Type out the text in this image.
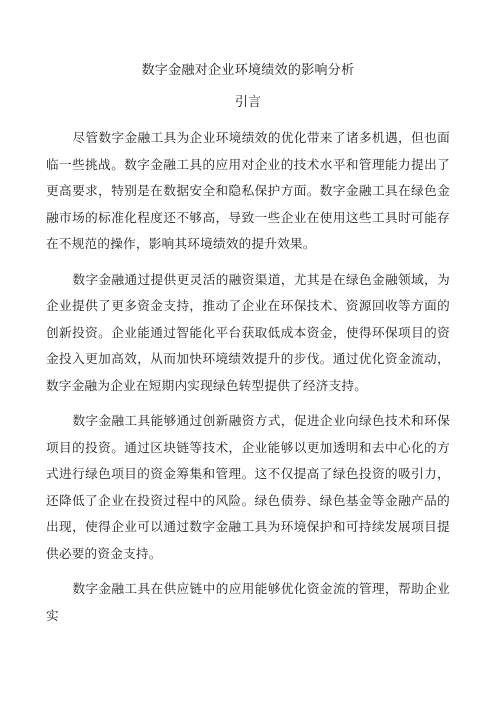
数字金融对企业环境绩效的影响分析
引言

尽管数字金融工具为企业环境绩效的优化带来了诸多机遇，但也面临一些挑战。数字金融工具的应用对企业的技术水平和管理能力提出了更高要求，特别是在数据安全和隐私保护方面。数字金融工具在绿色金融市场的标准化程度还不够高，导致一些企业在使用这些工具时可能存在不规范的操作，影响其环境绩效的提升效果。

数字金融通过提供更灵活的融资渠道，尤其是在绿色金融领域，为企业提供了更多资金支持，推动了企业在环保技术、资源回收等方面的创新投资。企业能通过智能化平台获取低成本资金，使得环保项目的资金投入更加高效，从而加快环境绩效提升的步伐。通过优化资金流动，数字金融为企业在短期内实现绿色转型提供了经济支持。

数字金融工具能够通过创新融资方式，促进企业向绿色技术和环保项目的投资。通过区块链等技术，企业能够以更加透明和去中心化的方式进行绿色项目的资金筹集和管理。这不仅提高了绿色投资的吸引力，还降低了企业在投资过程中的风险。绿色债券、绿色基金等金融产品的出现，使得企业可以通过数字金融工具为环境保护和可持续发展项目提供必要的资金支持。

数字金融工具在供应链中的应用能够优化资金流的管理，帮助企业实
